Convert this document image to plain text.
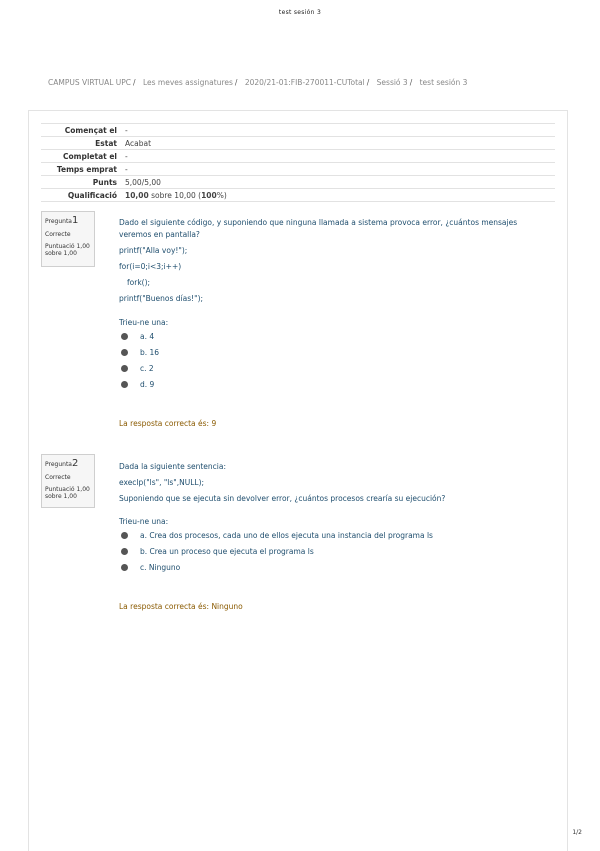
test sesión 3
CAMPUS VIRTUAL UPC / Les meves assignatures / 2020/21-01:FIB-270011-CUTotal / Sessió 3 / test sesión 3
Començat el	-
Estat	Acabat
Completat el	-
Temps emprat	-
Punts	5,00/5,00
Qualificació	10,00 sobre 10,00 (100%)
Pregunta1
Correcte
Puntuació 1,00
sobre 1,00

Dado el siguiente código, y suponiendo que ninguna llamada a sistema provoca error, ¿cuántos mensajes veremos en pantalla?

printf("Alla voy!");

for(i=0;i<3;i++)

fork();

printf("Buenos días!");

Trieu-ne una:
a. 4
b. 16
c. 2
d. 9
La resposta correcta és: 9
Pregunta2
Correcte
Puntuació 1,00
sobre 1,00

Dada la siguiente sentencia:

execlp("ls", "ls",NULL);

Suponiendo que se ejecuta sin devolver error, ¿cuántos procesos crearía su ejecución?

Trieu-ne una:
a. Crea dos procesos, cada uno de ellos ejecuta una instancia del programa ls
b. Crea un proceso que ejecuta el programa ls
c. Ninguno
La resposta correcta és: Ninguno
1/2
